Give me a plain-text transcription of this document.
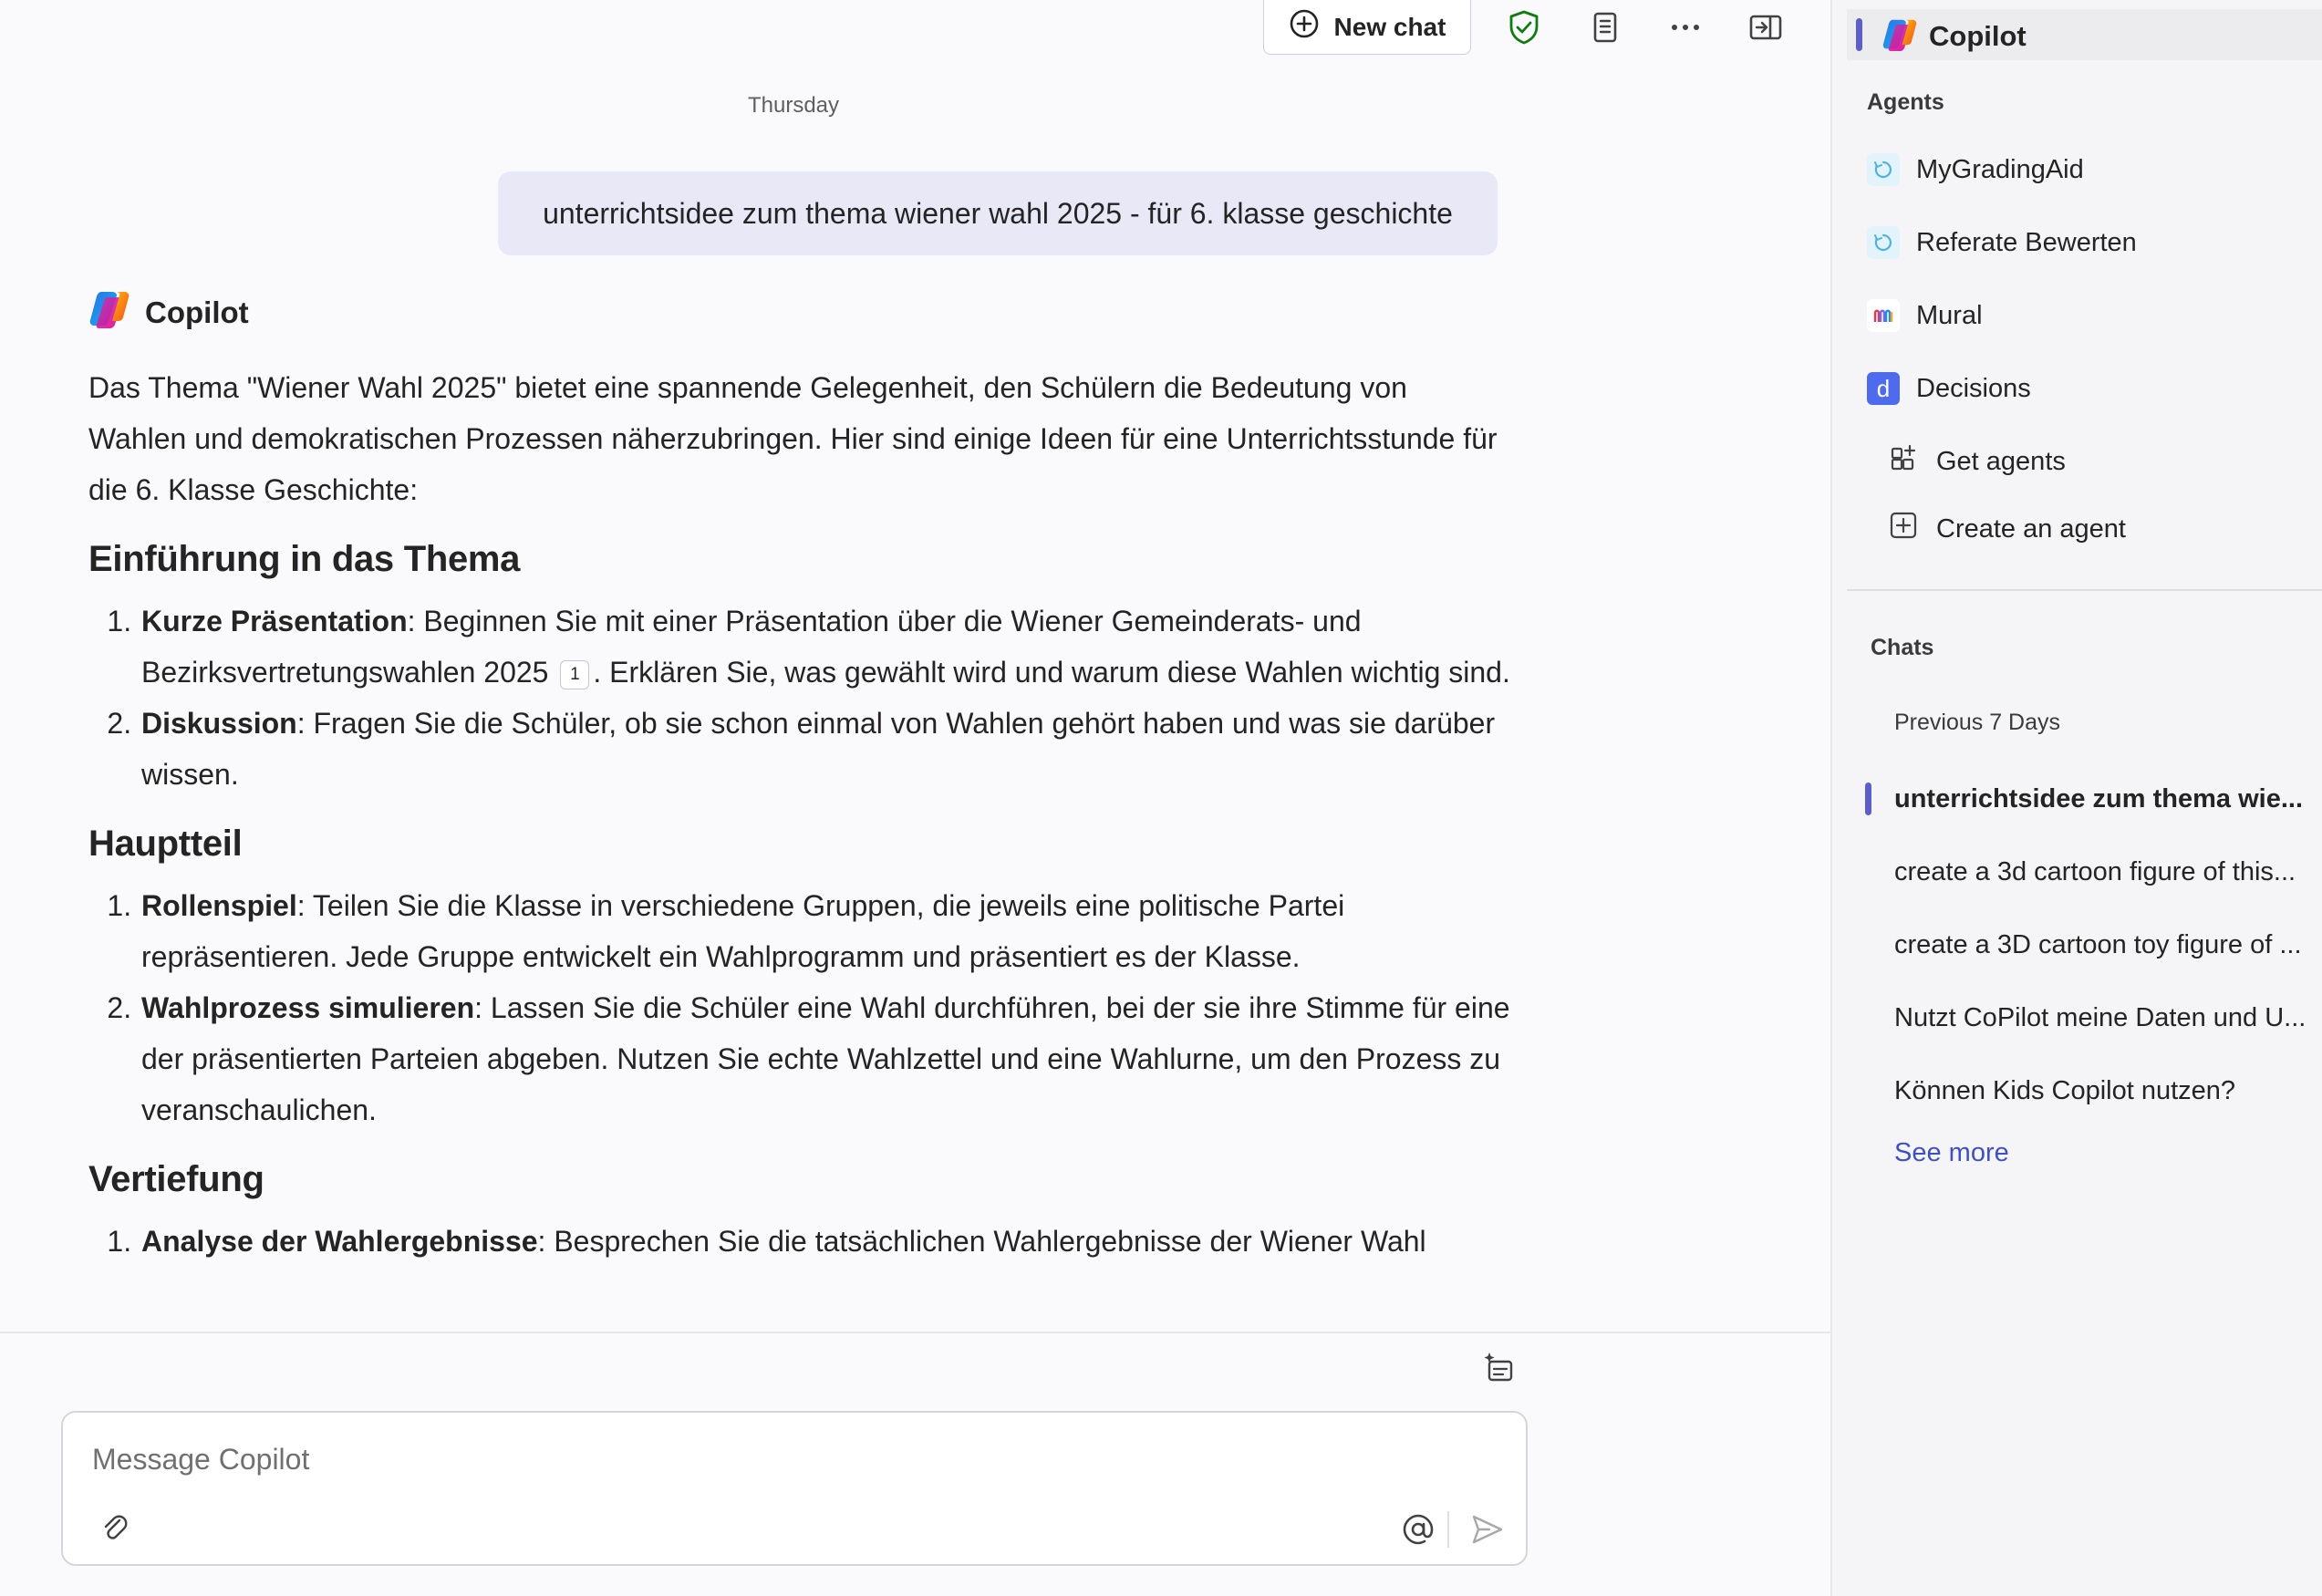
New chat
Thursday
unterrichtsidee zum thema wiener wahl 2025 - für 6. klasse geschichte
Copilot

Das Thema "Wiener Wahl 2025" bietet eine spannende Gelegenheit, den Schülern die Bedeutung von Wahlen und demokratischen Prozessen näherzubringen. Hier sind einige Ideen für eine Unterrichtsstunde für die 6. Klasse Geschichte:

Einführung in das Thema
1. Kurze Präsentation: Beginnen Sie mit einer Präsentation über die Wiener Gemeinderats- und Bezirksvertretungswahlen 2025 1 . Erklären Sie, was gewählt wird und warum diese Wahlen wichtig sind.
2. Diskussion: Fragen Sie die Schüler, ob sie schon einmal von Wahlen gehört haben und was sie darüber wissen.
Hauptteil
1. Rollenspiel: Teilen Sie die Klasse in verschiedene Gruppen, die jeweils eine politische Partei repräsentieren. Jede Gruppe entwickelt ein Wahlprogramm und präsentiert es der Klasse.
2. Wahlprozess simulieren: Lassen Sie die Schüler eine Wahl durchführen, bei der sie ihre Stimme für eine der präsentierten Parteien abgeben. Nutzen Sie echte Wahlzettel und eine Wahlurne, um den Prozess zu veranschaulichen.
Vertiefung
1. Analyse der Wahlergebnisse: Besprechen Sie die tatsächlichen Wahlergebnisse der Wiener Wahl
Message Copilot
Copilot
Agents
MyGradingAid
Referate Bewerten
Mural
d Decisions
Get agents
Create an agent
Chats
Previous 7 Days
unterrichtsidee zum thema wie...
create a 3d cartoon figure of this...
create a 3D cartoon toy figure of ...
Nutzt CoPilot meine Daten und U...
Können Kids Copilot nutzen?
See more
